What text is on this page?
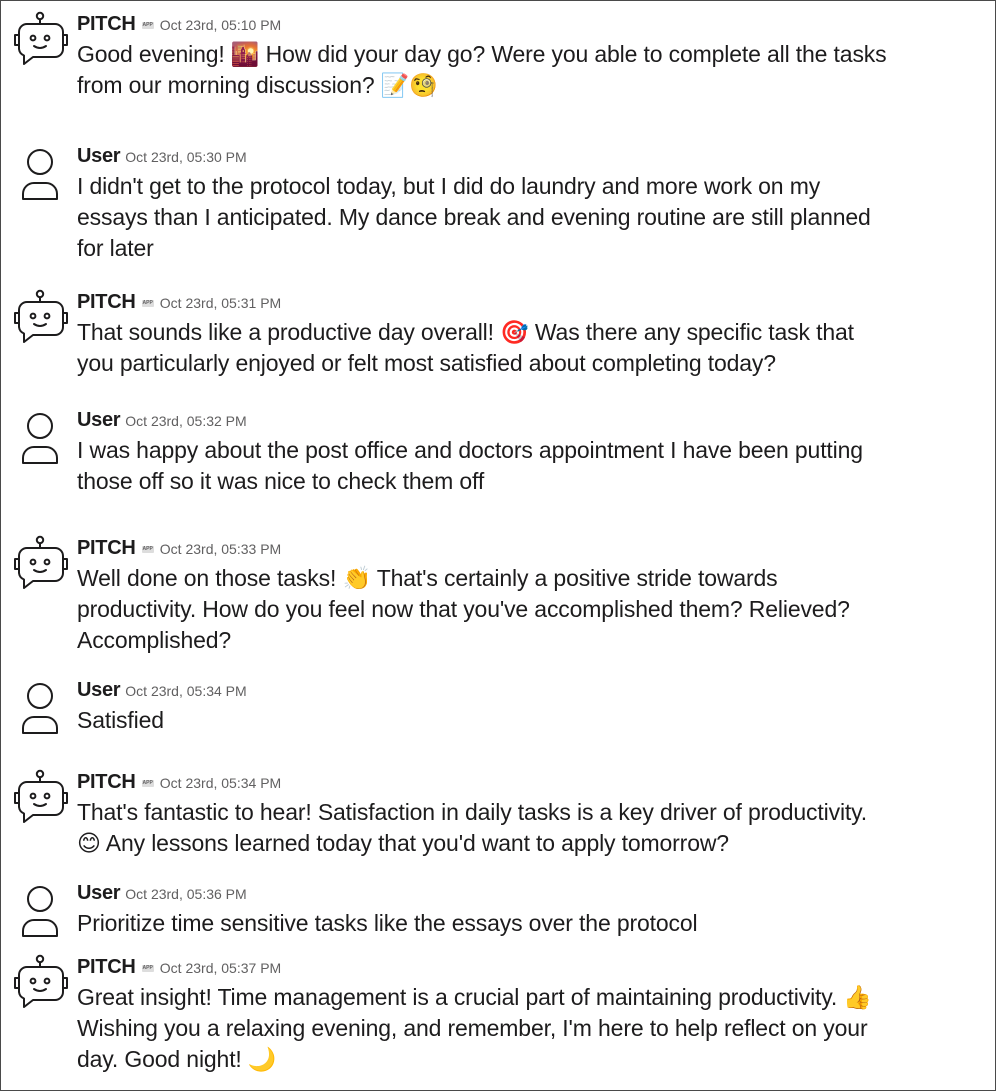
PITCH APP Oct 23rd, 05:10 PM
Good evening! 🌇 How did your day go? Were you able to complete all the tasks
from our morning discussion? 📝🧐
User Oct 23rd, 05:30 PM
I didn't get to the protocol today, but I did do laundry and more work on my
essays than I anticipated. My dance break and evening routine are still planned
for later
PITCH APP Oct 23rd, 05:31 PM
That sounds like a productive day overall! 🎯 Was there any specific task that
you particularly enjoyed or felt most satisfied about completing today?
User Oct 23rd, 05:32 PM
I was happy about the post office and doctors appointment I have been putting
those off so it was nice to check them off
PITCH APP Oct 23rd, 05:33 PM
Well done on those tasks! 👏 That's certainly a positive stride towards
productivity. How do you feel now that you've accomplished them? Relieved?
Accomplished?
User Oct 23rd, 05:34 PM
Satisfied
PITCH APP Oct 23rd, 05:34 PM
That's fantastic to hear! Satisfaction in daily tasks is a key driver of productivity.
😊 Any lessons learned today that you'd want to apply tomorrow?
User Oct 23rd, 05:36 PM
Prioritize time sensitive tasks like the essays over the protocol
PITCH APP Oct 23rd, 05:37 PM
Great insight! Time management is a crucial part of maintaining productivity. 👍
Wishing you a relaxing evening, and remember, I'm here to help reflect on your
day. Good night! 🌙
